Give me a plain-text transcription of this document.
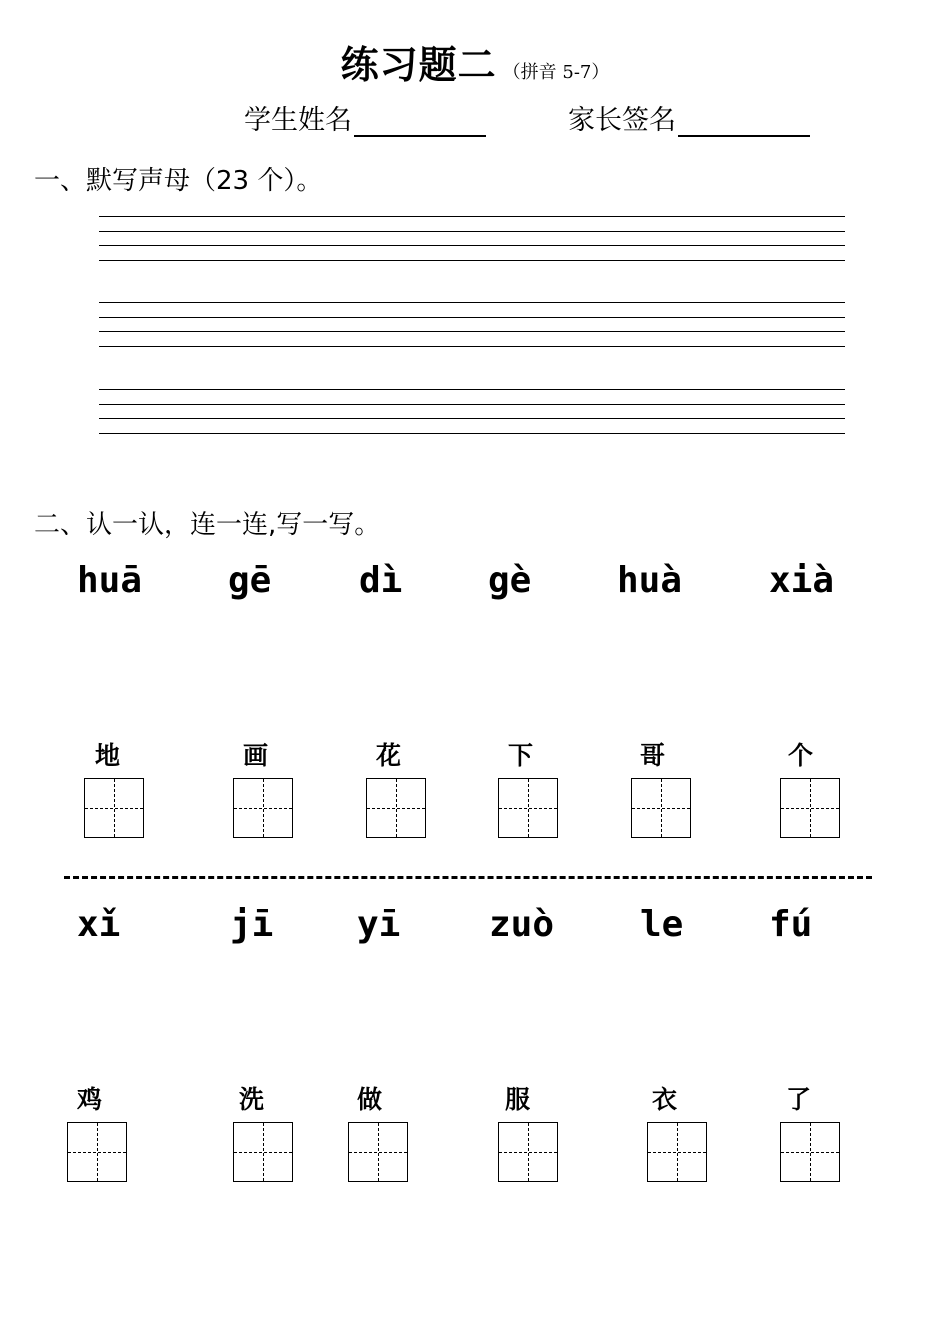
练习题二 （拼音 5-7）
学生姓名	家长签名
一、默写声母（23 个）。
二、认一认，连一连,写一写。
huā gē dì gè huà xià
地	画	花	下	哥	个
xǐ	jī yī zuò le fú
鸡	洗	做	服	衣	了
